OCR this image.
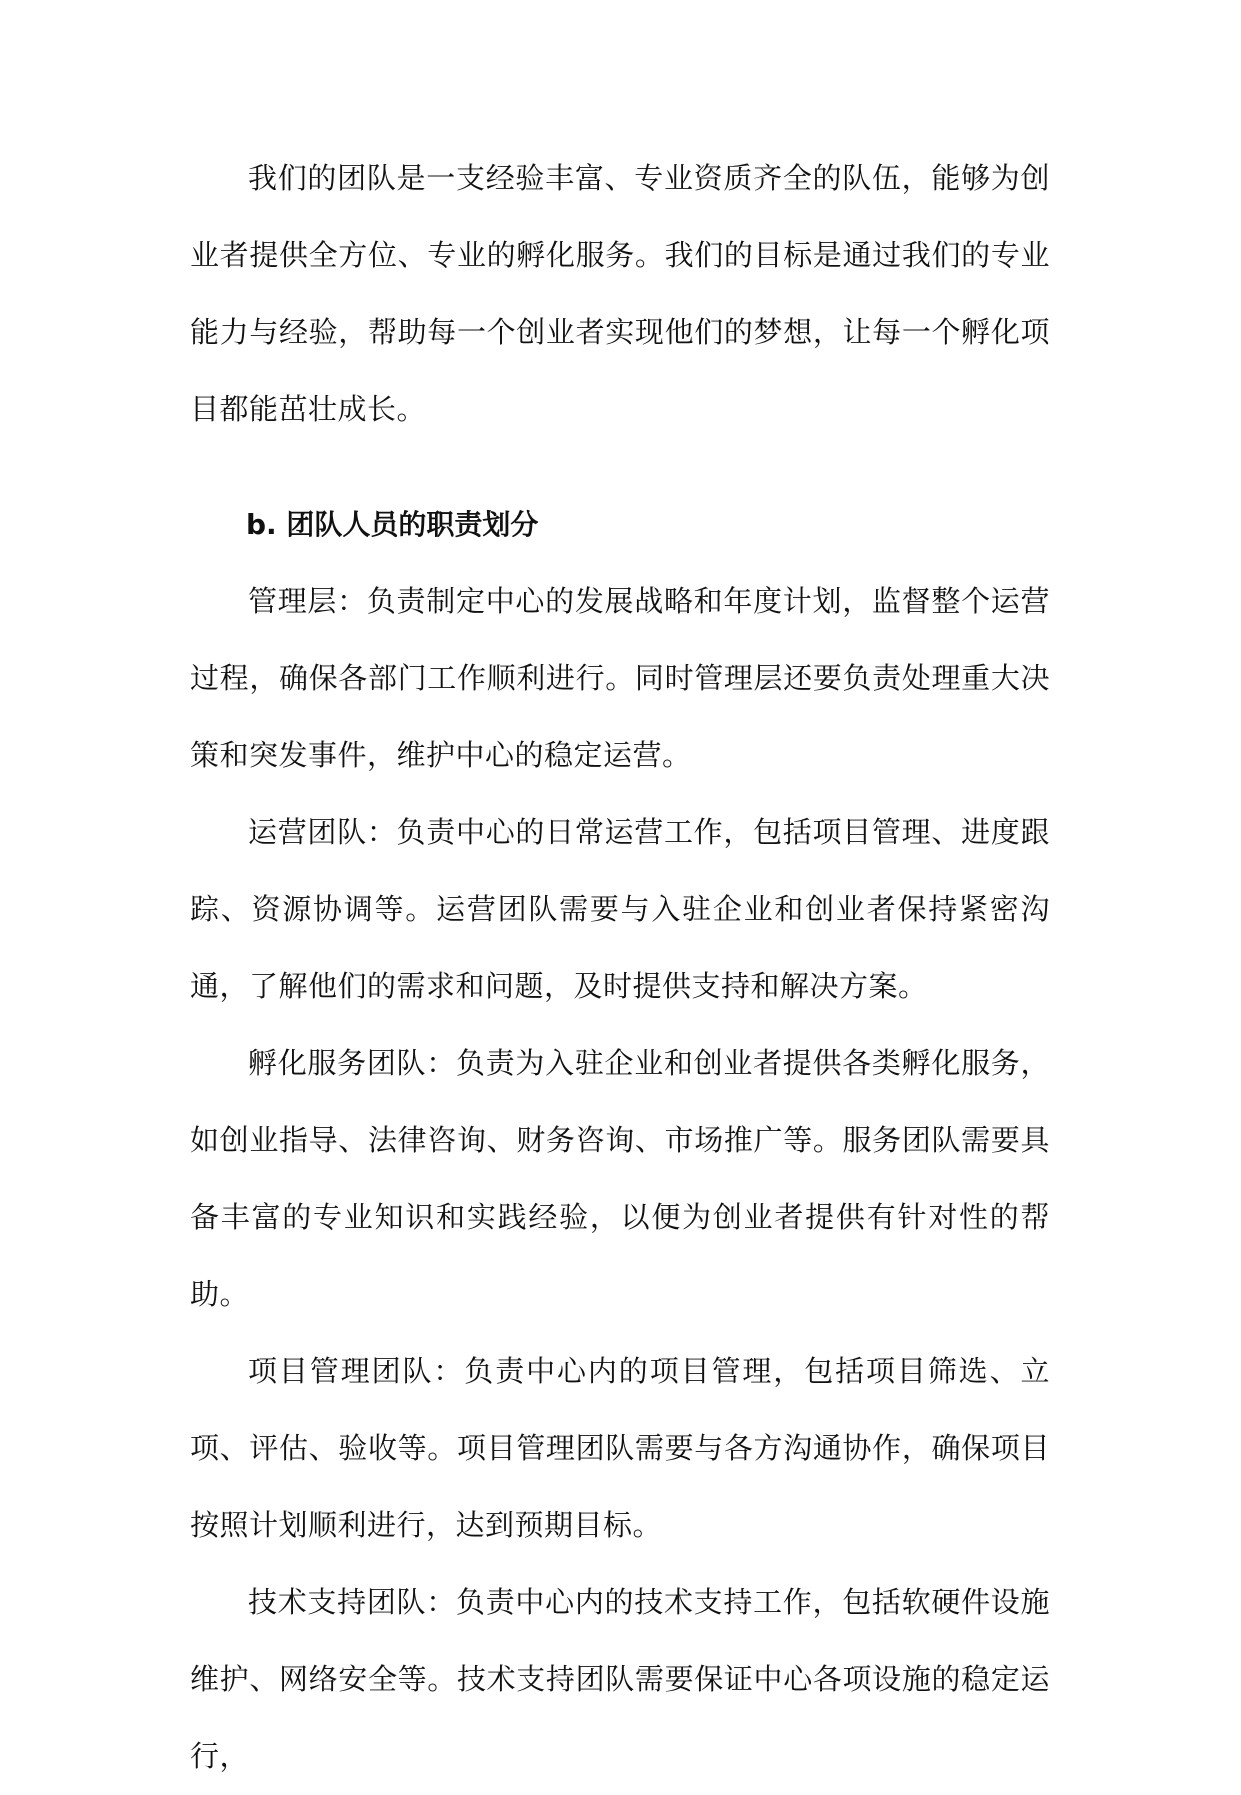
我们的团队是一支经验丰富、专业资质齐全的队伍，能够为创业者提供全方位、专业的孵化服务。我们的目标是通过我们的专业能力与经验，帮助每一个创业者实现他们的梦想，让每一个孵化项目都能茁壮成长。

b. 团队人员的职责划分

管理层：负责制定中心的发展战略和年度计划，监督整个运营过程，确保各部门工作顺利进行。同时管理层还要负责处理重大决策和突发事件，维护中心的稳定运营。

运营团队：负责中心的日常运营工作，包括项目管理、进度跟踪、资源协调等。运营团队需要与入驻企业和创业者保持紧密沟通，了解他们的需求和问题，及时提供支持和解决方案。

孵化服务团队：负责为入驻企业和创业者提供各类孵化服务，如创业指导、法律咨询、财务咨询、市场推广等。服务团队需要具备丰富的专业知识和实践经验，以便为创业者提供有针对性的帮助。

项目管理团队：负责中心内的项目管理，包括项目筛选、立项、评估、验收等。项目管理团队需要与各方沟通协作，确保项目按照计划顺利进行，达到预期目标。

技术支持团队：负责中心内的技术支持工作，包括软硬件设施维护、网络安全等。技术支持团队需要保证中心各项设施的稳定运行，
